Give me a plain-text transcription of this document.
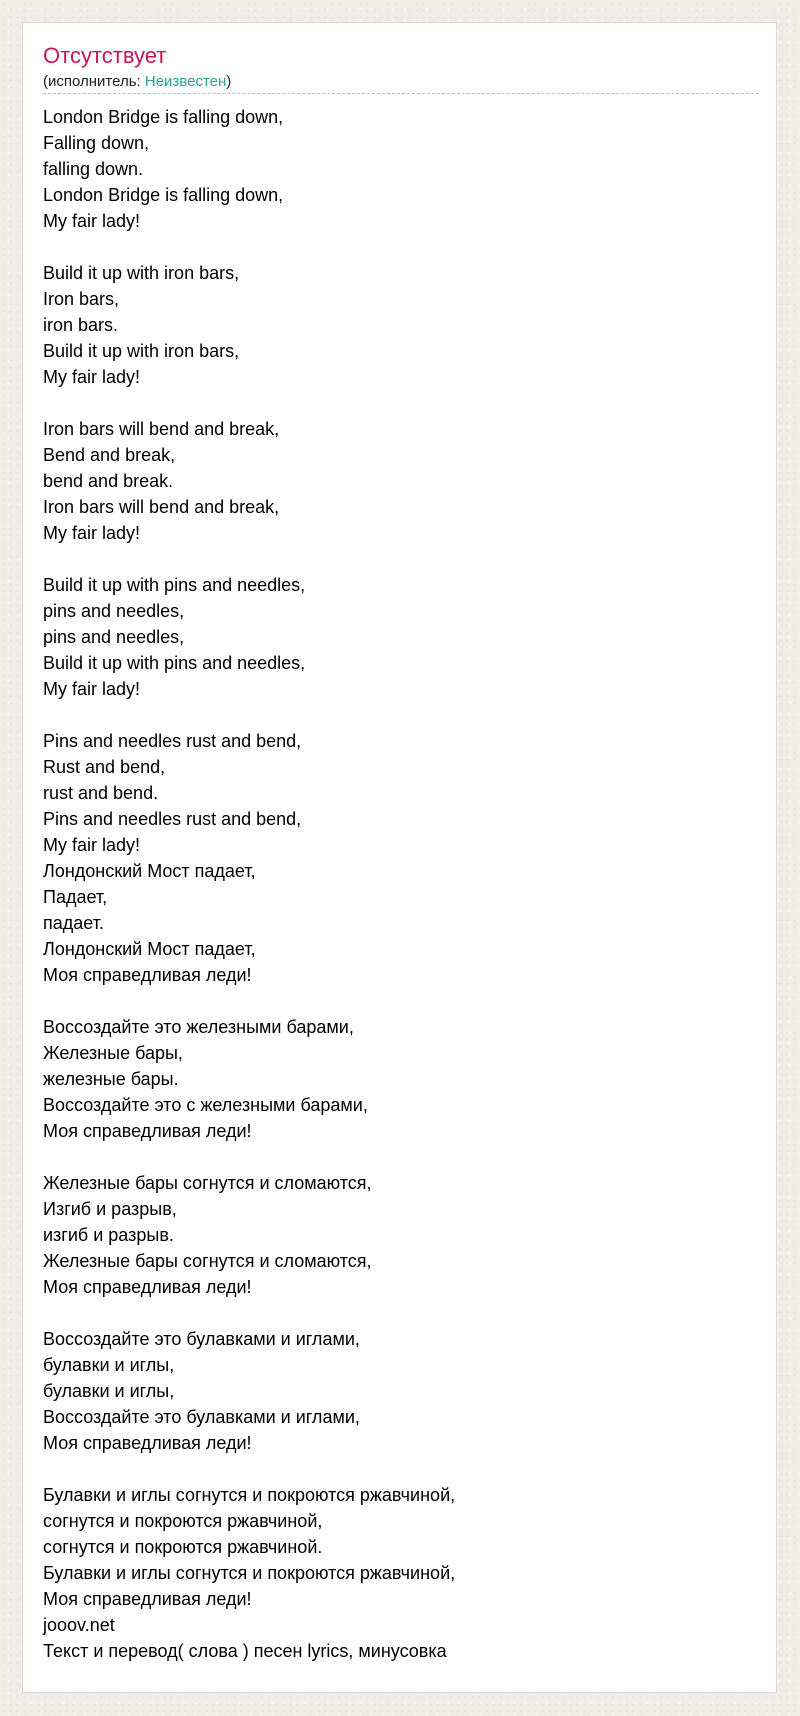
Отсутствует
(исполнитель: Неизвестен)
London Bridge is falling down,
Falling down,
falling down.
London Bridge is falling down,
My fair lady!

Build it up with iron bars,
Iron bars,
iron bars.
Build it up with iron bars,
My fair lady!

Iron bars will bend and break,
Bend and break,
bend and break.
Iron bars will bend and break,
My fair lady!

Build it up with pins and needles,
pins and needles,
pins and needles,
Build it up with pins and needles,
My fair lady!

Pins and needles rust and bend,
Rust and bend,
rust and bend.
Pins and needles rust and bend,
My fair lady!
Лондонский Мост падает,
Падает,
падает.
Лондонский Мост падает,
Моя справедливая леди!

Воссоздайте это железными барами,
Железные бары,
железные бары.
Воссоздайте это с железными барами,
Моя справедливая леди!

Железные бары согнутся и сломаются,
Изгиб и разрыв,
изгиб и разрыв.
Железные бары согнутся и сломаются,
Моя справедливая леди!

Воссоздайте это булавками и иглами,
булавки и иглы,
булавки и иглы,
Воссоздайте это булавками и иглами,
Моя справедливая леди!

Булавки и иглы согнутся и покроются ржавчиной,
согнутся и покроются ржавчиной,
согнутся и покроются ржавчиной.
Булавки и иглы согнутся и покроются ржавчиной,
Моя справедливая леди!
jooov.net
Текст и перевод( слова ) песен lyrics, минусовка
